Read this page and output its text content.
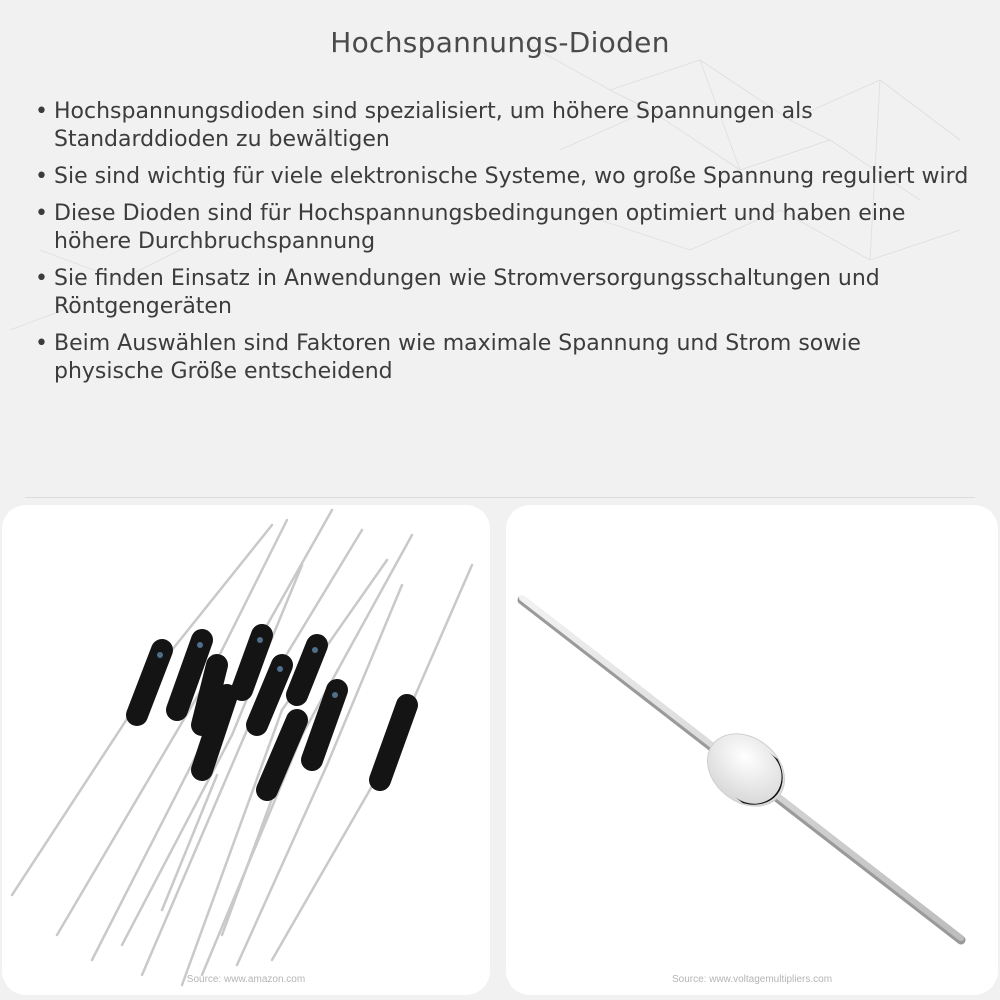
Hochspannungs-Dioden
• Hochspannungsdioden sind spezialisiert, um höhere Spannungen als Standarddioden zu bewältigen
• Sie sind wichtig für viele elektronische Systeme, wo große Spannung reguliert wird
• Diese Dioden sind für Hochspannungsbedingungen optimiert und haben eine höhere Durchbruchspannung
• Sie finden Einsatz in Anwendungen wie Stromversorgungsschaltungen und Röntgengeräten
• Beim Auswählen sind Faktoren wie maximale Spannung und Strom sowie physische Größe entscheidend
Source: www.amazon.com	Source: www.voltagemultipliers.com
